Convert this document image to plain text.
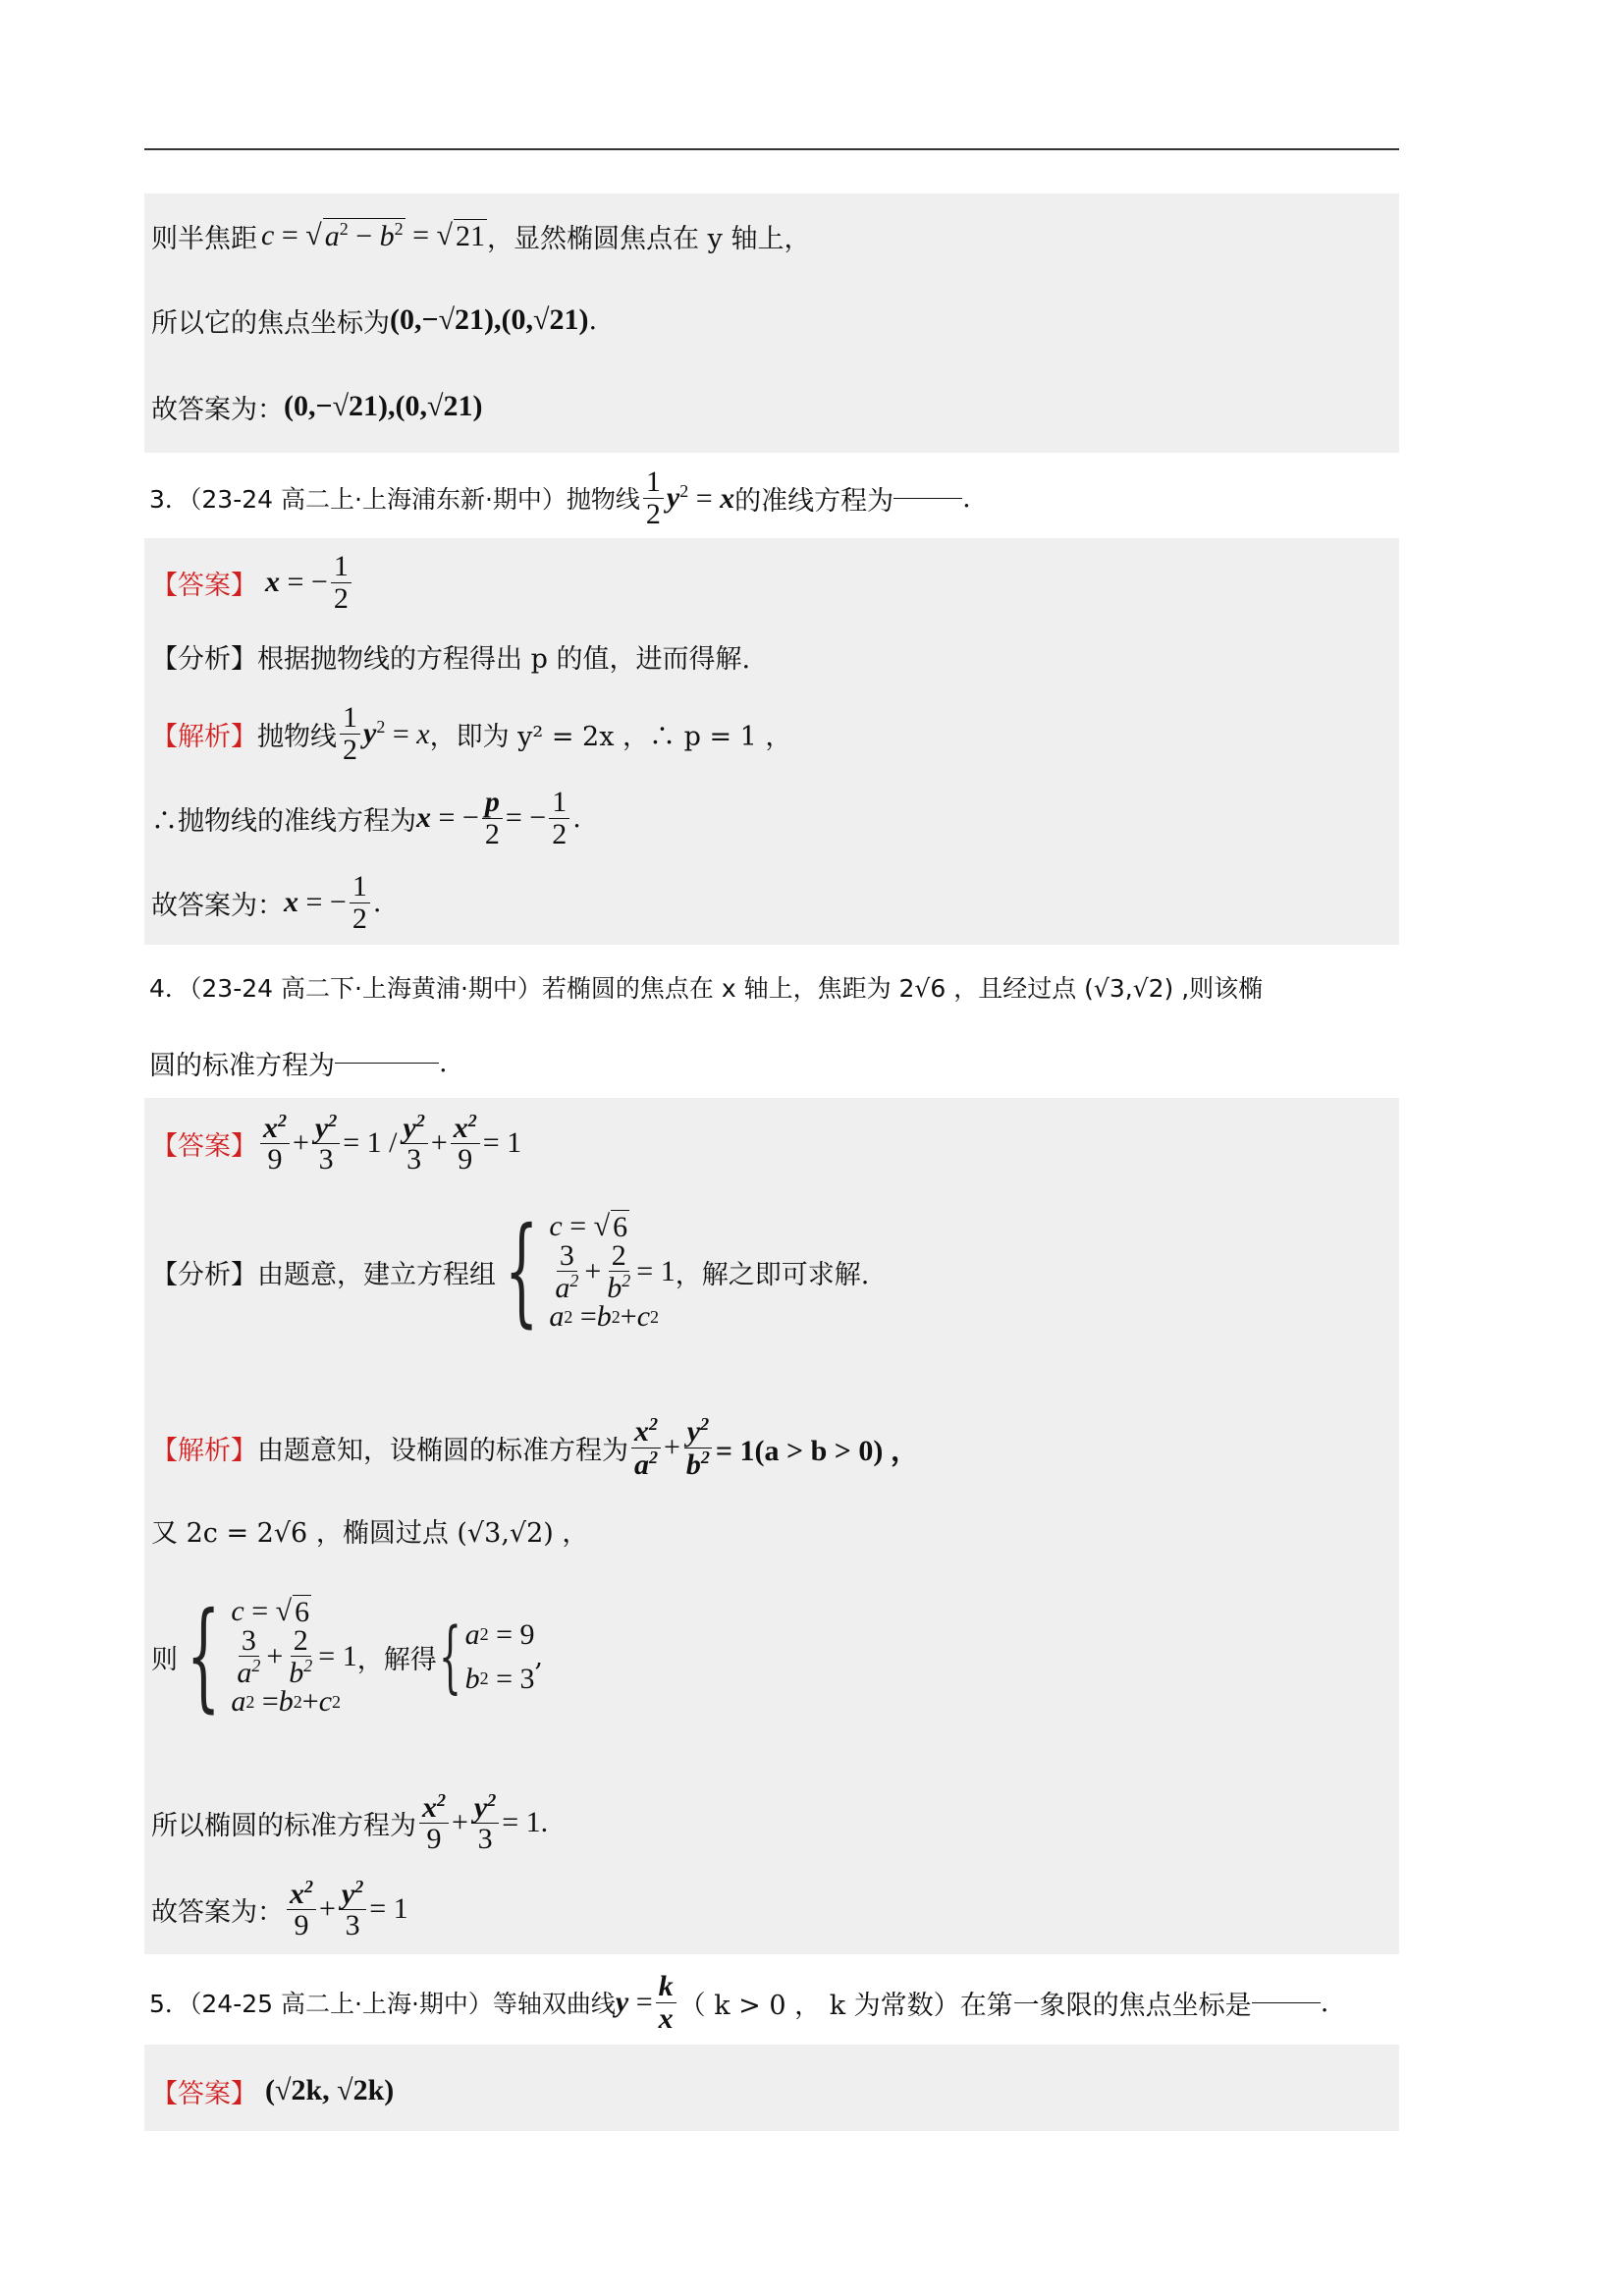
则半焦距 c = √ $a^2 - b^2$ = √ 21 ，显然椭圆焦点在 y 轴上，
所以它的焦点坐标为 (0,−√21),(0,√21) .
故答案为： (0,−√21),(0,√21)
3．（23-24 高二上·上海浦东新·期中）抛物线 $\frac{1}{2}$ y $^2$ = x 的准线方程为	.
【答案】 x = − $\frac{1}{2}$
【分析】 根据抛物线的方程得出 p 的值，进而得解.
【解析】 抛物线 $\frac{1}{2}$ y $^2$ = x ，即为 y² = 2x ，∴ p = 1 ，
∴抛物线的准线方程为 x = − $\frac{p}{2}$ = − $\frac{1}{2}$ .
故答案为： x = − $\frac{1}{2}$ .
4．（23-24 高二下·上海黄浦·期中）若椭圆的焦点在 x 轴上，焦距为 2√6 ，且经过点 (√3,√2) ,则该椭
圆的标准方程为	.
【答案】 $\frac{x^2}{9} + \frac{y^2}{3} = 1 / \frac{y^2}{3} + \frac{x^2}{9} = 1$
【分析】 由题意，建立方程组 { c = √ 6
$\frac{3}{a^2} + \frac{2}{b^2} = 1$
a 2 = b 2 + c 2
，解之即可求解.
【解析】 由题意知，设椭圆的标准方程为 $\frac{x^2}{a^2} + \frac{y^2}{b^2} = 1(a > b > 0)$ ，
又 2c = 2√6 ，椭圆过点 (√3,√2) ，
则 { c = √ 6
$\frac{3}{a^2} + \frac{2}{b^2} = 1$
a 2 = b 2 + c 2
，解得 { a 2 = 9
b 2 = 3
,
所以椭圆的标准方程为 $\frac{x^2}{9} + \frac{y^2}{3} = 1$.
故答案为： $\frac{x^2}{9} + \frac{y^2}{3} = 1$
5．（24-25 高二上·上海·期中）等轴双曲线 $y = \frac{k}{x}$ （ k > 0 ， k 为常数）在第一象限的焦点坐标是	.
【答案】 (√2k, √2k)
